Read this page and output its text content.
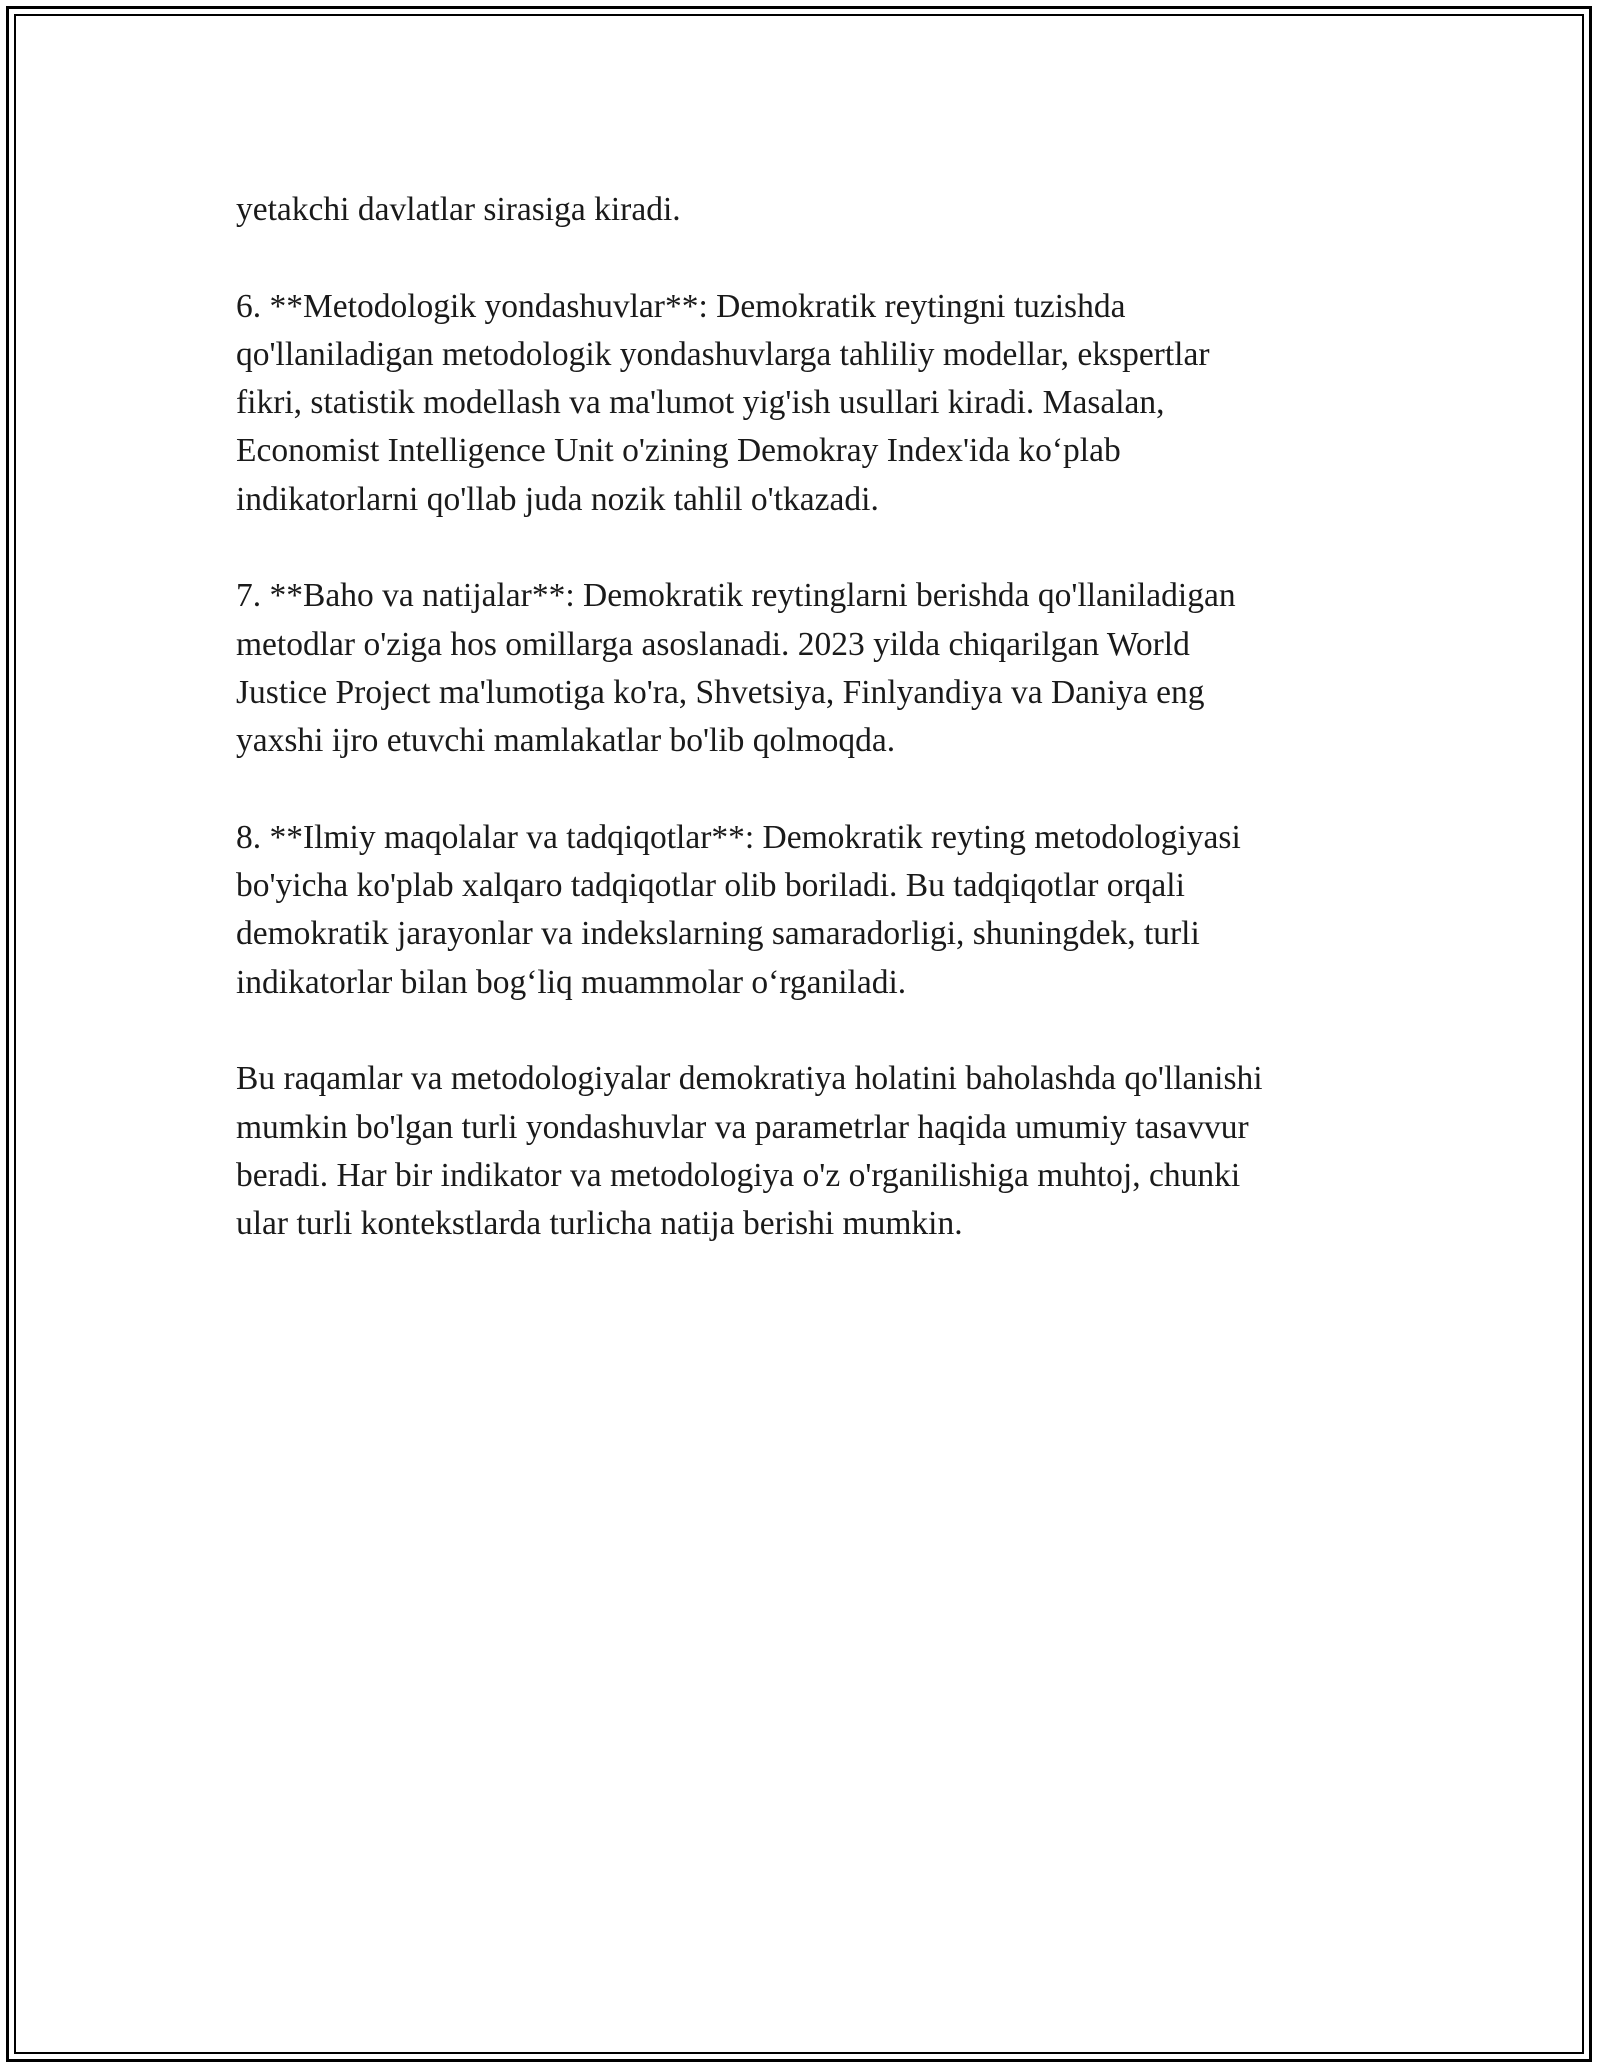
yetakchi davlatlar sirasiga kiradi.
6. **Metodologik yondashuvlar**: Demokratik reytingni tuzishda
qo'llaniladigan metodologik yondashuvlarga tahliliy modellar, ekspertlar
fikri, statistik modellash va ma'lumot yig'ish usullari kiradi. Masalan,
Economist Intelligence Unit o'zining Demokray Index'ida ko‘plab
indikatorlarni qo'llab juda nozik tahlil o'tkazadi.
7. **Baho va natijalar**: Demokratik reytinglarni berishda qo'llaniladigan
metodlar o'ziga hos omillarga asoslanadi. 2023 yilda chiqarilgan World
Justice Project ma'lumotiga ko'ra, Shvetsiya, Finlyandiya va Daniya eng
yaxshi ijro etuvchi mamlakatlar bo'lib qolmoqda.
8. **Ilmiy maqolalar va tadqiqotlar**: Demokratik reyting metodologiyasi
bo'yicha ko'plab xalqaro tadqiqotlar olib boriladi. Bu tadqiqotlar orqali
demokratik jarayonlar va indekslarning samaradorligi, shuningdek, turli
indikatorlar bilan bog‘liq muammolar o‘rganiladi.
Bu raqamlar va metodologiyalar demokratiya holatini baholashda qo'llanishi
mumkin bo'lgan turli yondashuvlar va parametrlar haqida umumiy tasavvur
beradi. Har bir indikator va metodologiya o'z o'rganilishiga muhtoj, chunki
ular turli kontekstlarda turlicha natija berishi mumkin.
